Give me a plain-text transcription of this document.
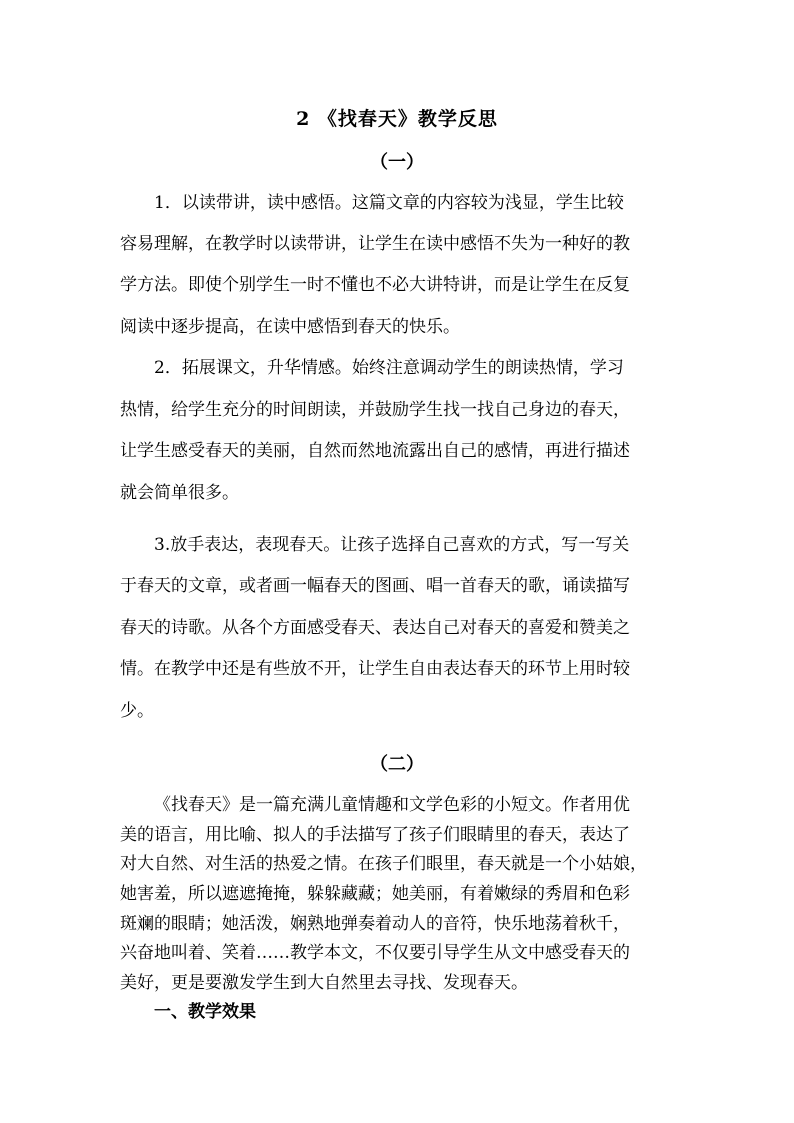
2 《找春天》教学反思
（一）
1．以读带讲，读中感悟。这篇文章的内容较为浅显，学生比较
容易理解，在教学时以读带讲，让学生在读中感悟不失为一种好的教
学方法。即使个别学生一时不懂也不必大讲特讲，而是让学生在反复
阅读中逐步提高，在读中感悟到春天的快乐。
2．拓展课文，升华情感。始终注意调动学生的朗读热情，学习
热情，给学生充分的时间朗读，并鼓励学生找一找自己身边的春天，
让学生感受春天的美丽，自然而然地流露出自己的感情，再进行描述
就会简单很多。
3.放手表达，表现春天。让孩子选择自己喜欢的方式，写一写关
于春天的文章，或者画一幅春天的图画、唱一首春天的歌，诵读描写
春天的诗歌。从各个方面感受春天、表达自己对春天的喜爱和赞美之
情。在教学中还是有些放不开，让学生自由表达春天的环节上用时较
少。
（二）
《找春天》是一篇充满儿童情趣和文学色彩的小短文。作者用优
美的语言，用比喻、拟人的手法描写了孩子们眼睛里的春天，表达了
对大自然、对生活的热爱之情。在孩子们眼里，春天就是一个小姑娘，
她害羞，所以遮遮掩掩，躲躲藏藏；她美丽，有着嫩绿的秀眉和色彩
斑斓的眼睛；她活泼，娴熟地弹奏着动人的音符，快乐地荡着秋千，
兴奋地叫着、笑着……教学本文，不仅要引导学生从文中感受春天的
美好，更是要激发学生到大自然里去寻找、发现春天。
一、教学效果
